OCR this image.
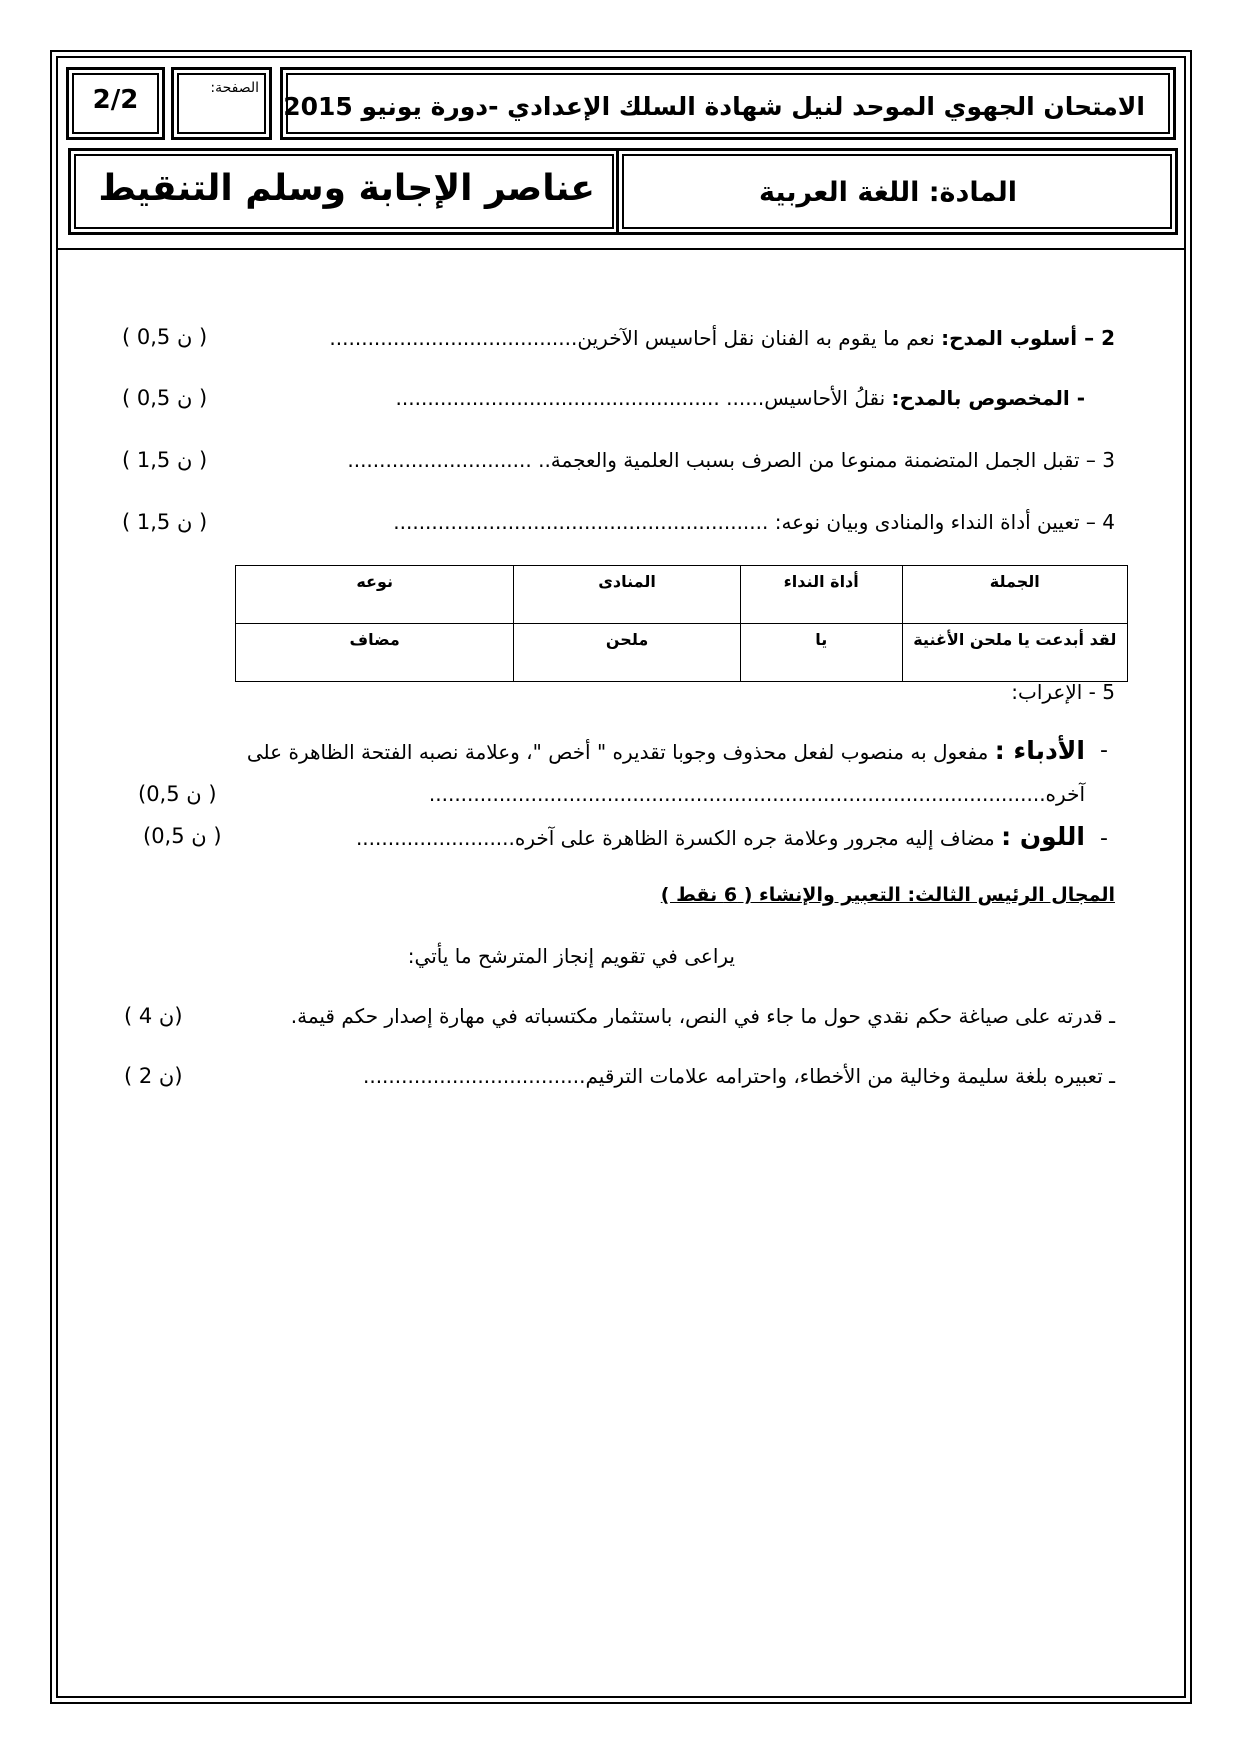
2/2	الصفحة:
الامتحان الجهوي الموحد لنيل شهادة السلك الإعدادي -دورة يونيو 2015
عناصر الإجابة وسلم التنقيط	المادة: اللغة العربية
2 – أسلوب المدح: نعم ما يقوم به الفنان نقل أحاسيس الآخرين.......................................
( 0,5 ن )
- المخصوص بالمدح: نقلُ الأحاسيس...... ...................................................
( 0,5 ن )
3 – تقبل الجمل المتضمنة ممنوعا من الصرف بسبب العلمية والعجمة.. .............................
( 1,5 ن )
4 – تعيين أداة النداء والمنادى وبيان نوعه: ...........................................................
( 1,5 ن )
الجملة	أداة النداء	المنادى	نوعه
لقد أبدعت يا ملحن الأغنية	يا	ملحن	مضاف
5 - الإعراب:
-
الأدباء : مفعول به منصوب لفعل محذوف وجوبا تقديره " أخص "، وعلامة نصبه الفتحة الظاهرة على
آخره.................................................................................................
(0,5 ن )
-
اللون : مضاف إليه مجرور وعلامة جره الكسرة الظاهرة على آخره.........................
(0,5 ن )
المجال الرئيس الثالث: التعبير والإنشاء ( 6 نقط )
يراعى في تقويم إنجاز المترشح ما يأتي:
ـ قدرته على صياغة حكم نقدي حول ما جاء في النص، باستثمار مكتسباته في مهارة إصدار حكم قيمة.
( 4 ن)
ـ تعبيره بلغة سليمة وخالية من الأخطاء، واحترامه علامات الترقيم...................................
( 2 ن)
